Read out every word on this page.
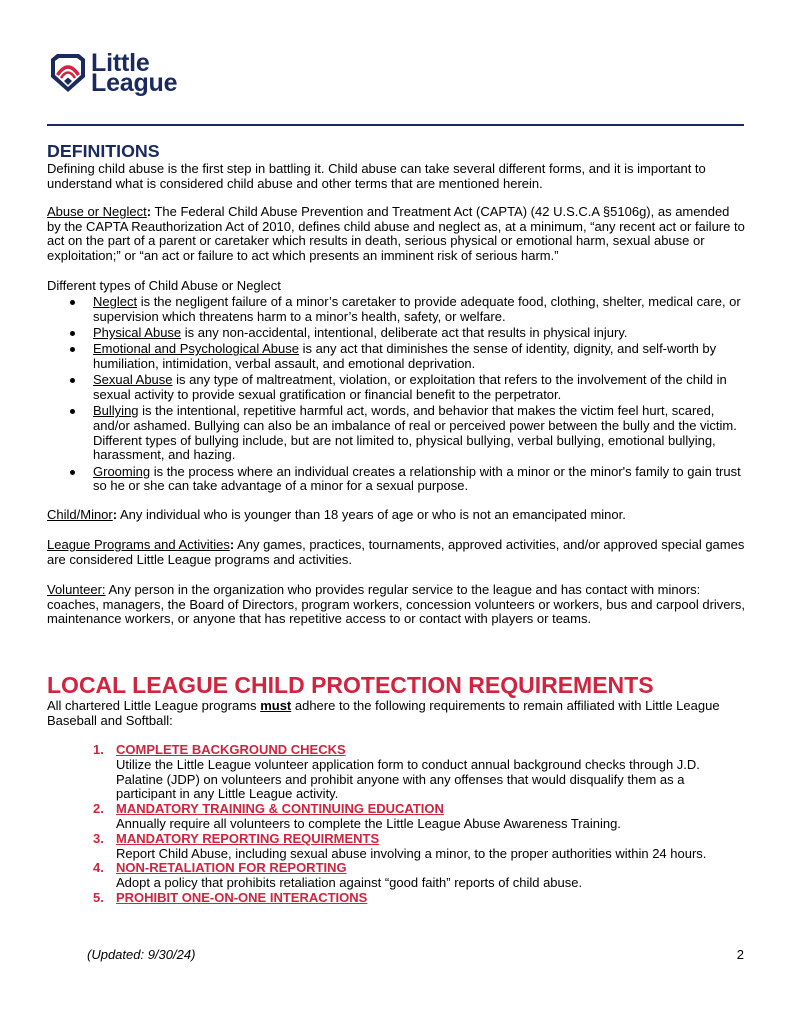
Little
League
DEFINITIONS

Defining child abuse is the first step in battling it. Child abuse can take several different forms, and it is important to
understand what is considered child abuse and other terms that are mentioned herein.

Abuse or Neglect: The Federal Child Abuse Prevention and Treatment Act (CAPTA) (42 U.S.C.A §5106g), as amended
by the CAPTA Reauthorization Act of 2010, defines child abuse and neglect as, at a minimum, “any recent act or failure to
act on the part of a parent or caretaker which results in death, serious physical or emotional harm, sexual abuse or
exploitation;” or “an act or failure to act which presents an imminent risk of serious harm.”

Different types of Child Abuse or Neglect

Neglect is the negligent failure of a minor’s caretaker to provide adequate food, clothing, shelter, medical care, or
supervision which threatens harm to a minor’s health, safety, or welfare.
Physical Abuse is any non-accidental, intentional, deliberate act that results in physical injury.
Emotional and Psychological Abuse is any act that diminishes the sense of identity, dignity, and self-worth by
humiliation, intimidation, verbal assault, and emotional deprivation.
Sexual Abuse is any type of maltreatment, violation, or exploitation that refers to the involvement of the child in
sexual activity to provide sexual gratification or financial benefit to the perpetrator.
Bullying is the intentional, repetitive harmful act, words, and behavior that makes the victim feel hurt, scared,
and/or ashamed. Bullying can also be an imbalance of real or perceived power between the bully and the victim.
Different types of bullying include, but are not limited to, physical bullying, verbal bullying, emotional bullying,
harassment, and hazing.
Grooming is the process where an individual creates a relationship with a minor or the minor's family to gain trust
so he or she can take advantage of a minor for a sexual purpose.

Child/Minor: Any individual who is younger than 18 years of age or who is not an emancipated minor.

League Programs and Activities: Any games, practices, tournaments, approved activities, and/or approved special games
are considered Little League programs and activities.

Volunteer: Any person in the organization who provides regular service to the league and has contact with minors:
coaches, managers, the Board of Directors, program workers, concession volunteers or workers, bus and carpool drivers,
maintenance workers, or anyone that has repetitive access to or contact with players or teams.

LOCAL LEAGUE CHILD PROTECTION REQUIREMENTS

All chartered Little League programs must adhere to the following requirements to remain affiliated with Little League
Baseball and Softball:

1. COMPLETE BACKGROUND CHECKS
Utilize the Little League volunteer application form to conduct annual background checks through J.D.
Palatine (JDP) on volunteers and prohibit anyone with any offenses that would disqualify them as a
participant in any Little League activity.
2. MANDATORY TRAINING & CONTINUING EDUCATION
Annually require all volunteers to complete the Little League Abuse Awareness Training.
3. MANDATORY REPORTING REQUIRMENTS
Report Child Abuse, including sexual abuse involving a minor, to the proper authorities within 24 hours.
4. NON-RETALIATION FOR REPORTING
Adopt a policy that prohibits retaliation against “good faith” reports of child abuse.
5. PROHIBIT ONE-ON-ONE INTERACTIONS
(Updated: 9/30/24)	2
